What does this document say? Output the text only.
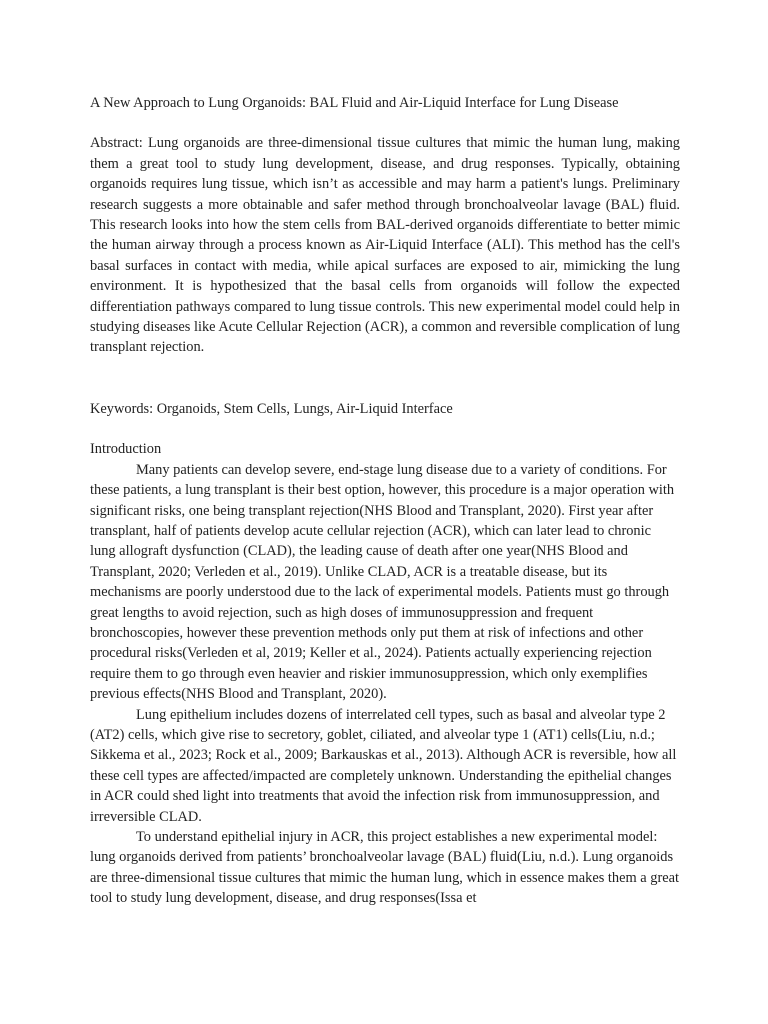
A New Approach to Lung Organoids: BAL Fluid and Air-Liquid Interface for Lung Disease

Abstract: Lung organoids are three-dimensional tissue cultures that mimic the human lung, making them a great tool to study lung development, disease, and drug responses. Typically, obtaining organoids requires lung tissue, which isn’t as accessible and may harm a patient's lungs. Preliminary research suggests a more obtainable and safer method through bronchoalveolar lavage (BAL) fluid. This research looks into how the stem cells from BAL-derived organoids differentiate to better mimic the human airway through a process known as Air-Liquid Interface (ALI). This method has the cell's basal surfaces in contact with media, while apical surfaces are exposed to air, mimicking the lung environment. It is hypothesized that the basal cells from organoids will follow the expected differentiation pathways compared to lung tissue controls. This new experimental model could help in studying diseases like Acute Cellular Rejection (ACR), a common and reversible complication of lung transplant rejection.

Keywords: Organoids, Stem Cells, Lungs, Air-Liquid Interface

Introduction

Many patients can develop severe, end-stage lung disease due to a variety of conditions. For these patients, a lung transplant is their best option, however, this procedure is a major operation with significant risks, one being transplant rejection(NHS Blood and Transplant, 2020). First year after transplant, half of patients develop acute cellular rejection (ACR), which can later lead to chronic lung allograft dysfunction (CLAD), the leading cause of death after one year(NHS Blood and Transplant, 2020; Verleden et al., 2019). Unlike CLAD, ACR is a treatable disease, but its mechanisms are poorly understood due to the lack of experimental models. Patients must go through great lengths to avoid rejection, such as high doses of immunosuppression and frequent bronchoscopies, however these prevention methods only put them at risk of infections and other procedural risks(Verleden et al, 2019; Keller et al., 2024). Patients actually experiencing rejection require them to go through even heavier and riskier immunosuppression, which only exemplifies previous effects(NHS Blood and Transplant, 2020).

Lung epithelium includes dozens of interrelated cell types, such as basal and alveolar type 2 (AT2) cells, which give rise to secretory, goblet, ciliated, and alveolar type 1 (AT1) cells(Liu, n.d.; Sikkema et al., 2023; Rock et al., 2009; Barkauskas et al., 2013). Although ACR is reversible, how all these cell types are affected/impacted are completely unknown. Understanding the epithelial changes in ACR could shed light into treatments that avoid the infection risk from immunosuppression, and irreversible CLAD.

To understand epithelial injury in ACR, this project establishes a new experimental model: lung organoids derived from patients’ bronchoalveolar lavage (BAL) fluid(Liu, n.d.). Lung organoids are three-dimensional tissue cultures that mimic the human lung, which in essence makes them a great tool to study lung development, disease, and drug responses(Issa et
